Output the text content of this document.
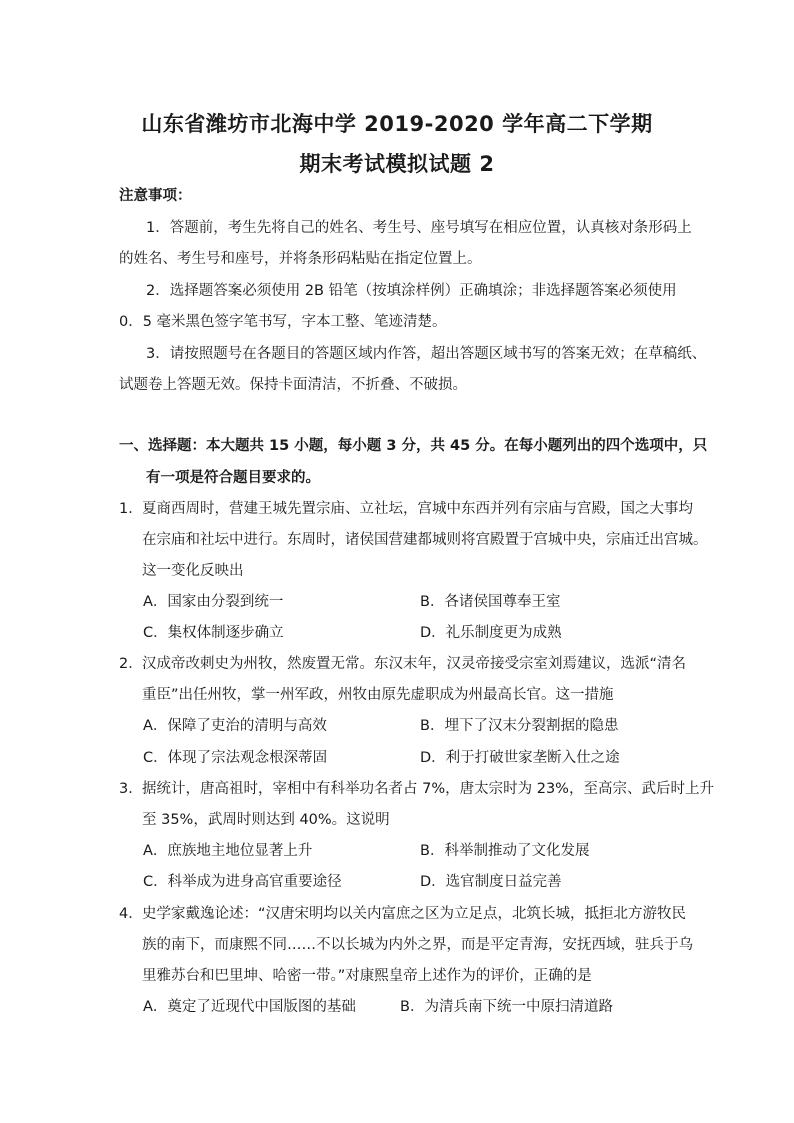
山东省潍坊市北海中学 2019-2020 学年高二下学期
期末考试模拟试题 2
注意事项：
1．答题前，考生先将自己的姓名、考生号、座号填写在相应位置，认真核对条形码上
的姓名、考生号和座号，并将条形码粘贴在指定位置上。
2．选择题答案必须使用 2B 铅笔（按填涂样例）正确填涂；非选择题答案必须使用
0．5 毫米黑色签字笔书写，字本工整、笔迹清楚。
3．请按照题号在各题目的答题区域内作答，超出答题区域书写的答案无效；在草稿纸、
试题卷上答题无效。保持卡面清洁，不折叠、不破损。
一、选择题：本大题共 15 小题，每小题 3 分，共 45 分。在每小题列出的四个选项中，只
有一项是符合题目要求的。
1． 夏商西周时，营建王城先置宗庙、立社坛，宫城中东西并列有宗庙与宫殿，国之大事均
在宗庙和社坛中进行。东周时，诸侯国营建都城则将宫殿置于宫城中央，宗庙迁出宫城。
这一变化反映出
A．国家由分裂到统一	B．各诸侯国尊奉王室
C．集权体制逐步确立	D．礼乐制度更为成熟
2． 汉成帝改刺史为州牧，然废置无常。东汉末年，汉灵帝接受宗室刘焉建议，选派“清名
重臣”出任州牧，掌一州军政，州牧由原先虚职成为州最高长官。这一措施
A．保障了吏治的清明与高效	B．埋下了汉末分裂割据的隐患
C．体现了宗法观念根深蒂固	D．利于打破世家垄断入仕之途
3． 据统计，唐高祖时，宰相中有科举功名者占 7%，唐太宗时为 23%，至高宗、武后时上升
至 35%，武周时则达到 40%。这说明
A．庶族地主地位显著上升	B．科举制推动了文化发展
C．科举成为进身高官重要途径	D．选官制度日益完善
4． 史学家戴逸论述：“汉唐宋明均以关内富庶之区为立足点，北筑长城，抵拒北方游牧民
族的南下，而康熙不同……不以长城为内外之界，而是平定青海，安抚西域，驻兵于乌
里雅苏台和巴里坤、哈密一带。”对康熙皇帝上述作为的评价，正确的是
A．奠定了近现代中国版图的基础	B．为清兵南下统一中原扫清道路
